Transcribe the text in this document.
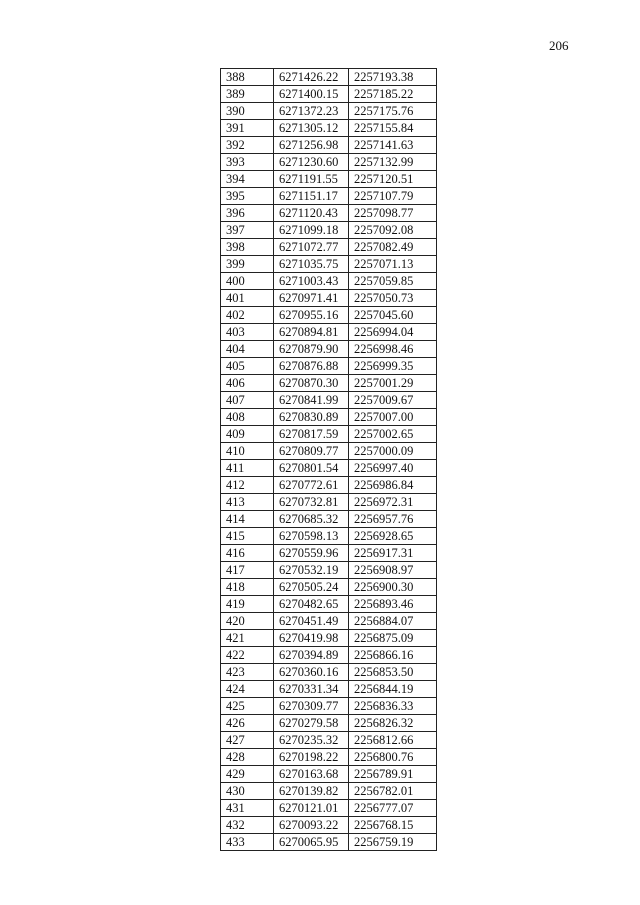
206
388	6271426.22	2257193.38
389	6271400.15	2257185.22
390	6271372.23	2257175.76
391	6271305.12	2257155.84
392	6271256.98	2257141.63
393	6271230.60	2257132.99
394	6271191.55	2257120.51
395	6271151.17	2257107.79
396	6271120.43	2257098.77
397	6271099.18	2257092.08
398	6271072.77	2257082.49
399	6271035.75	2257071.13
400	6271003.43	2257059.85
401	6270971.41	2257050.73
402	6270955.16	2257045.60
403	6270894.81	2256994.04
404	6270879.90	2256998.46
405	6270876.88	2256999.35
406	6270870.30	2257001.29
407	6270841.99	2257009.67
408	6270830.89	2257007.00
409	6270817.59	2257002.65
410	6270809.77	2257000.09
411	6270801.54	2256997.40
412	6270772.61	2256986.84
413	6270732.81	2256972.31
414	6270685.32	2256957.76
415	6270598.13	2256928.65
416	6270559.96	2256917.31
417	6270532.19	2256908.97
418	6270505.24	2256900.30
419	6270482.65	2256893.46
420	6270451.49	2256884.07
421	6270419.98	2256875.09
422	6270394.89	2256866.16
423	6270360.16	2256853.50
424	6270331.34	2256844.19
425	6270309.77	2256836.33
426	6270279.58	2256826.32
427	6270235.32	2256812.66
428	6270198.22	2256800.76
429	6270163.68	2256789.91
430	6270139.82	2256782.01
431	6270121.01	2256777.07
432	6270093.22	2256768.15
433	6270065.95	2256759.19
